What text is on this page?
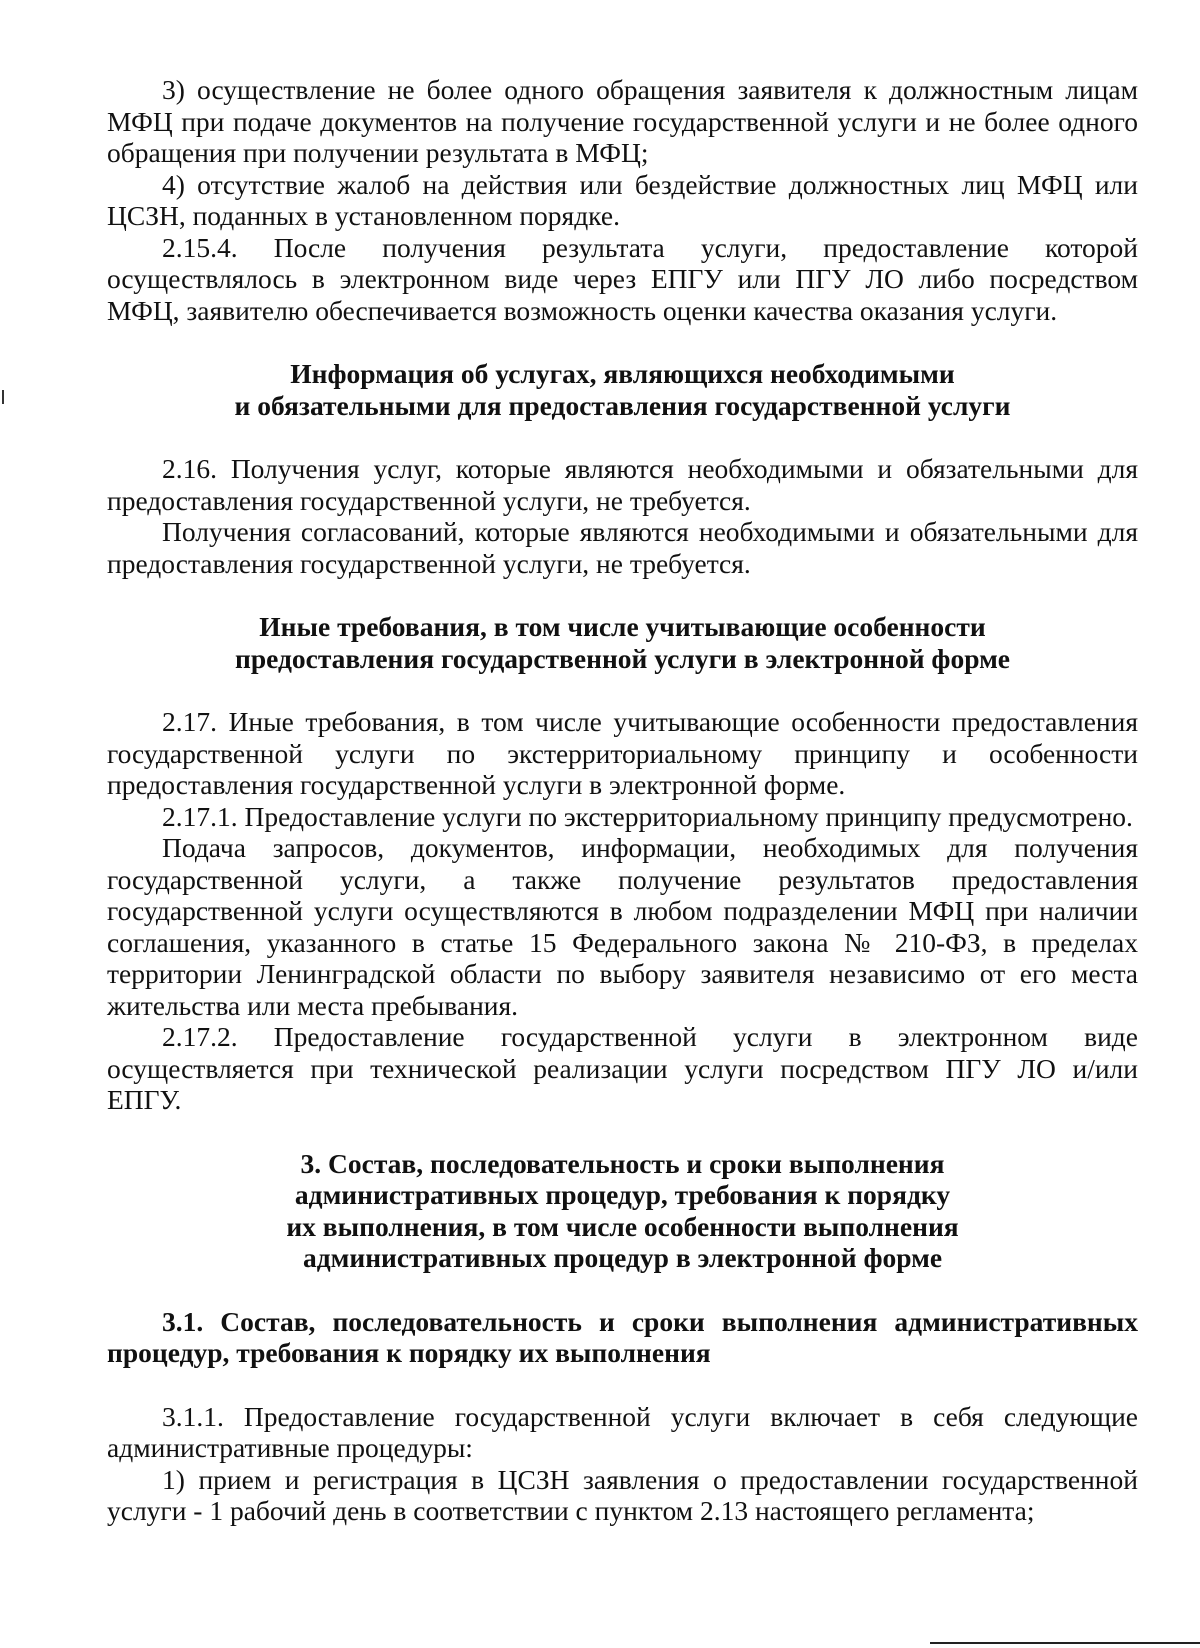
3) осуществление не более одного обращения заявителя к должностным лицам МФЦ при подаче документов на получение государственной услуги и не более одного обращения при получении результата в МФЦ;

4) отсутствие жалоб на действия или бездействие должностных лиц МФЦ или ЦСЗН, поданных в установленном порядке.

2.15.4. После получения результата услуги, предоставление которой осуществлялось в электронном виде через ЕПГУ или ПГУ ЛО либо посредством МФЦ, заявителю обеспечивается возможность оценки качества оказания услуги.

Информация об услугах, являющихся необходимыми
и обязательными для предоставления государственной услуги

2.16. Получения услуг, которые являются необходимыми и обязательными для предоставления государственной услуги, не требуется.

Получения согласований, которые являются необходимыми и обязательными для предоставления государственной услуги, не требуется.

Иные требования, в том числе учитывающие особенности
предоставления государственной услуги в электронной форме

2.17. Иные требования, в том числе учитывающие особенности предоставления государственной услуги по экстерриториальному принципу и особенности предоставления государственной услуги в электронной форме.

2.17.1. Предоставление услуги по экстерриториальному принципу предусмотрено.

Подача запросов, документов, информации, необходимых для получения государственной услуги, а также получение результатов предоставления государственной услуги осуществляются в любом подразделении МФЦ при наличии соглашения, указанного в статье 15 Федерального закона № 210-ФЗ, в пределах территории Ленинградской области по выбору заявителя независимо от его места жительства или места пребывания.

2.17.2. Предоставление государственной услуги в электронном виде осуществляется при технической реализации услуги посредством ПГУ ЛО и/или ЕПГУ.

3. Состав, последовательность и сроки выполнения
административных процедур, требования к порядку
их выполнения, в том числе особенности выполнения
административных процедур в электронной форме

3.1. Состав, последовательность и сроки выполнения административных процедур, требования к порядку их выполнения

3.1.1. Предоставление государственной услуги включает в себя следующие административные процедуры:

1) прием и регистрация в ЦСЗН заявления о предоставлении государственной услуги - 1 рабочий день в соответствии с пунктом 2.13 настоящего регламента;
